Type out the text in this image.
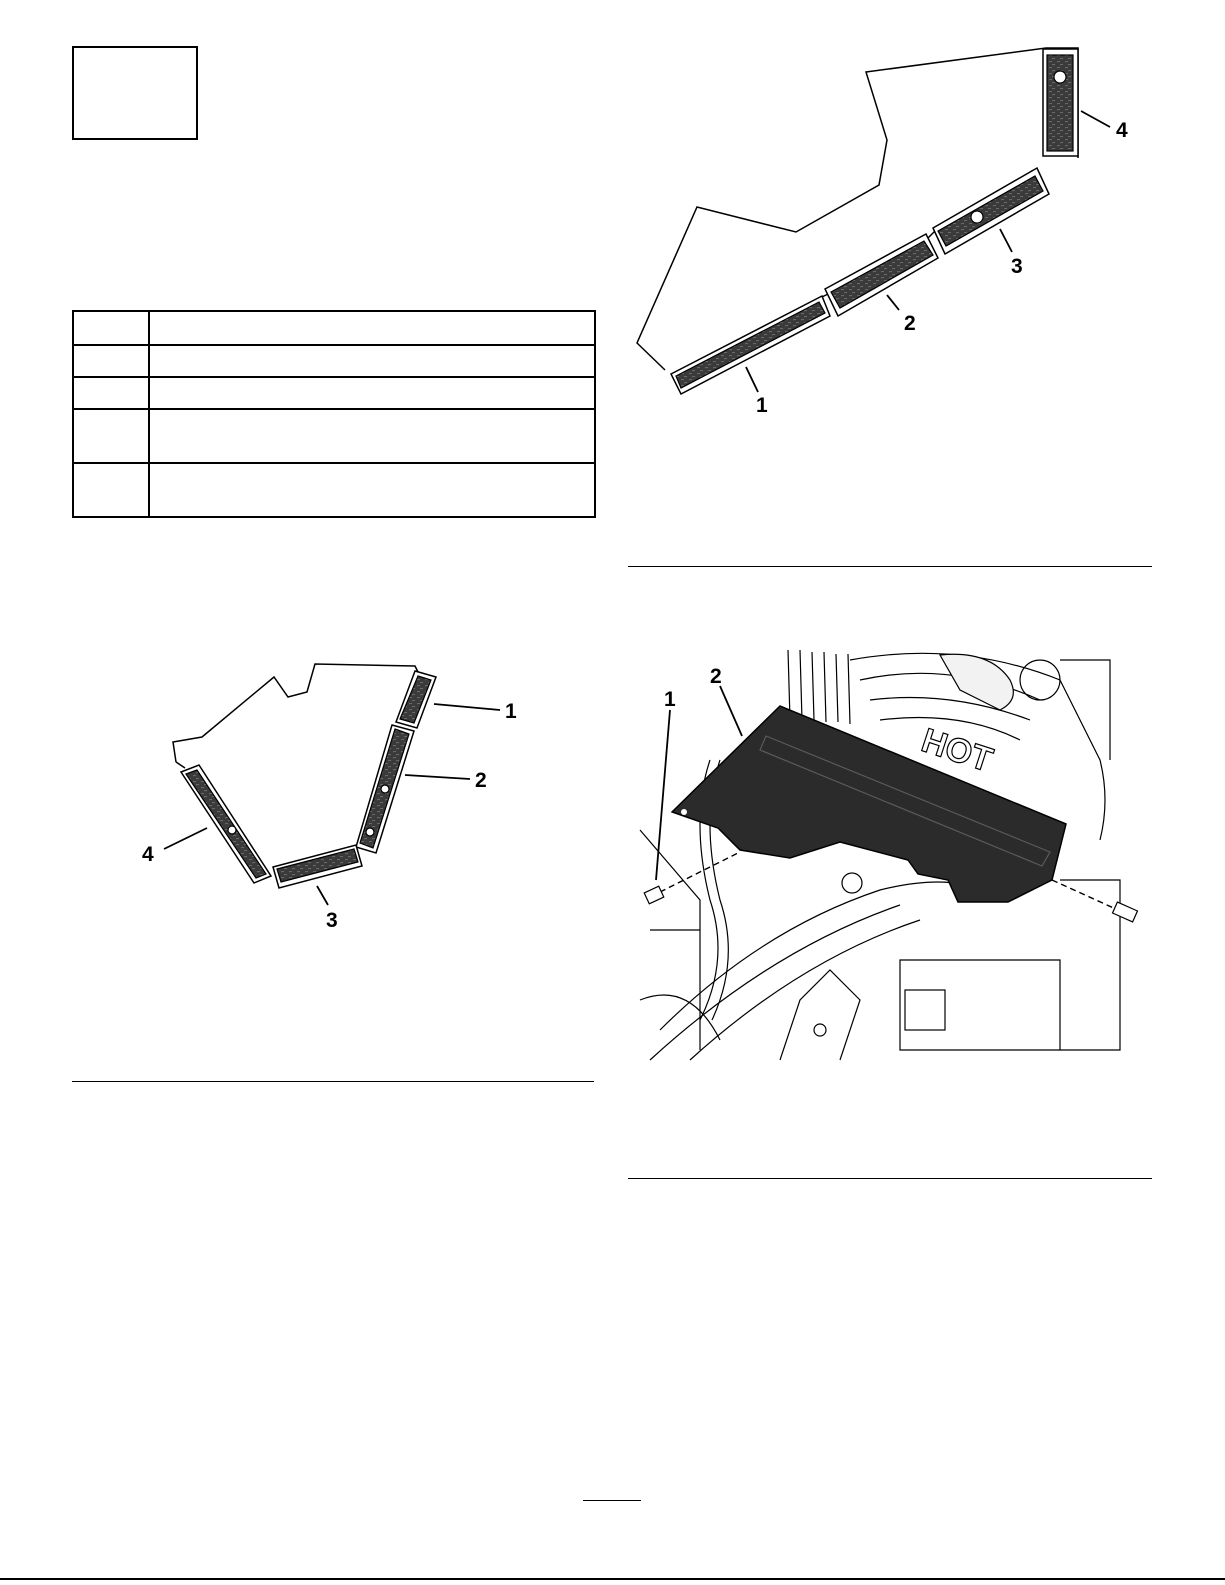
4
3
2
1
1
2
3
4
HOT
1
2
